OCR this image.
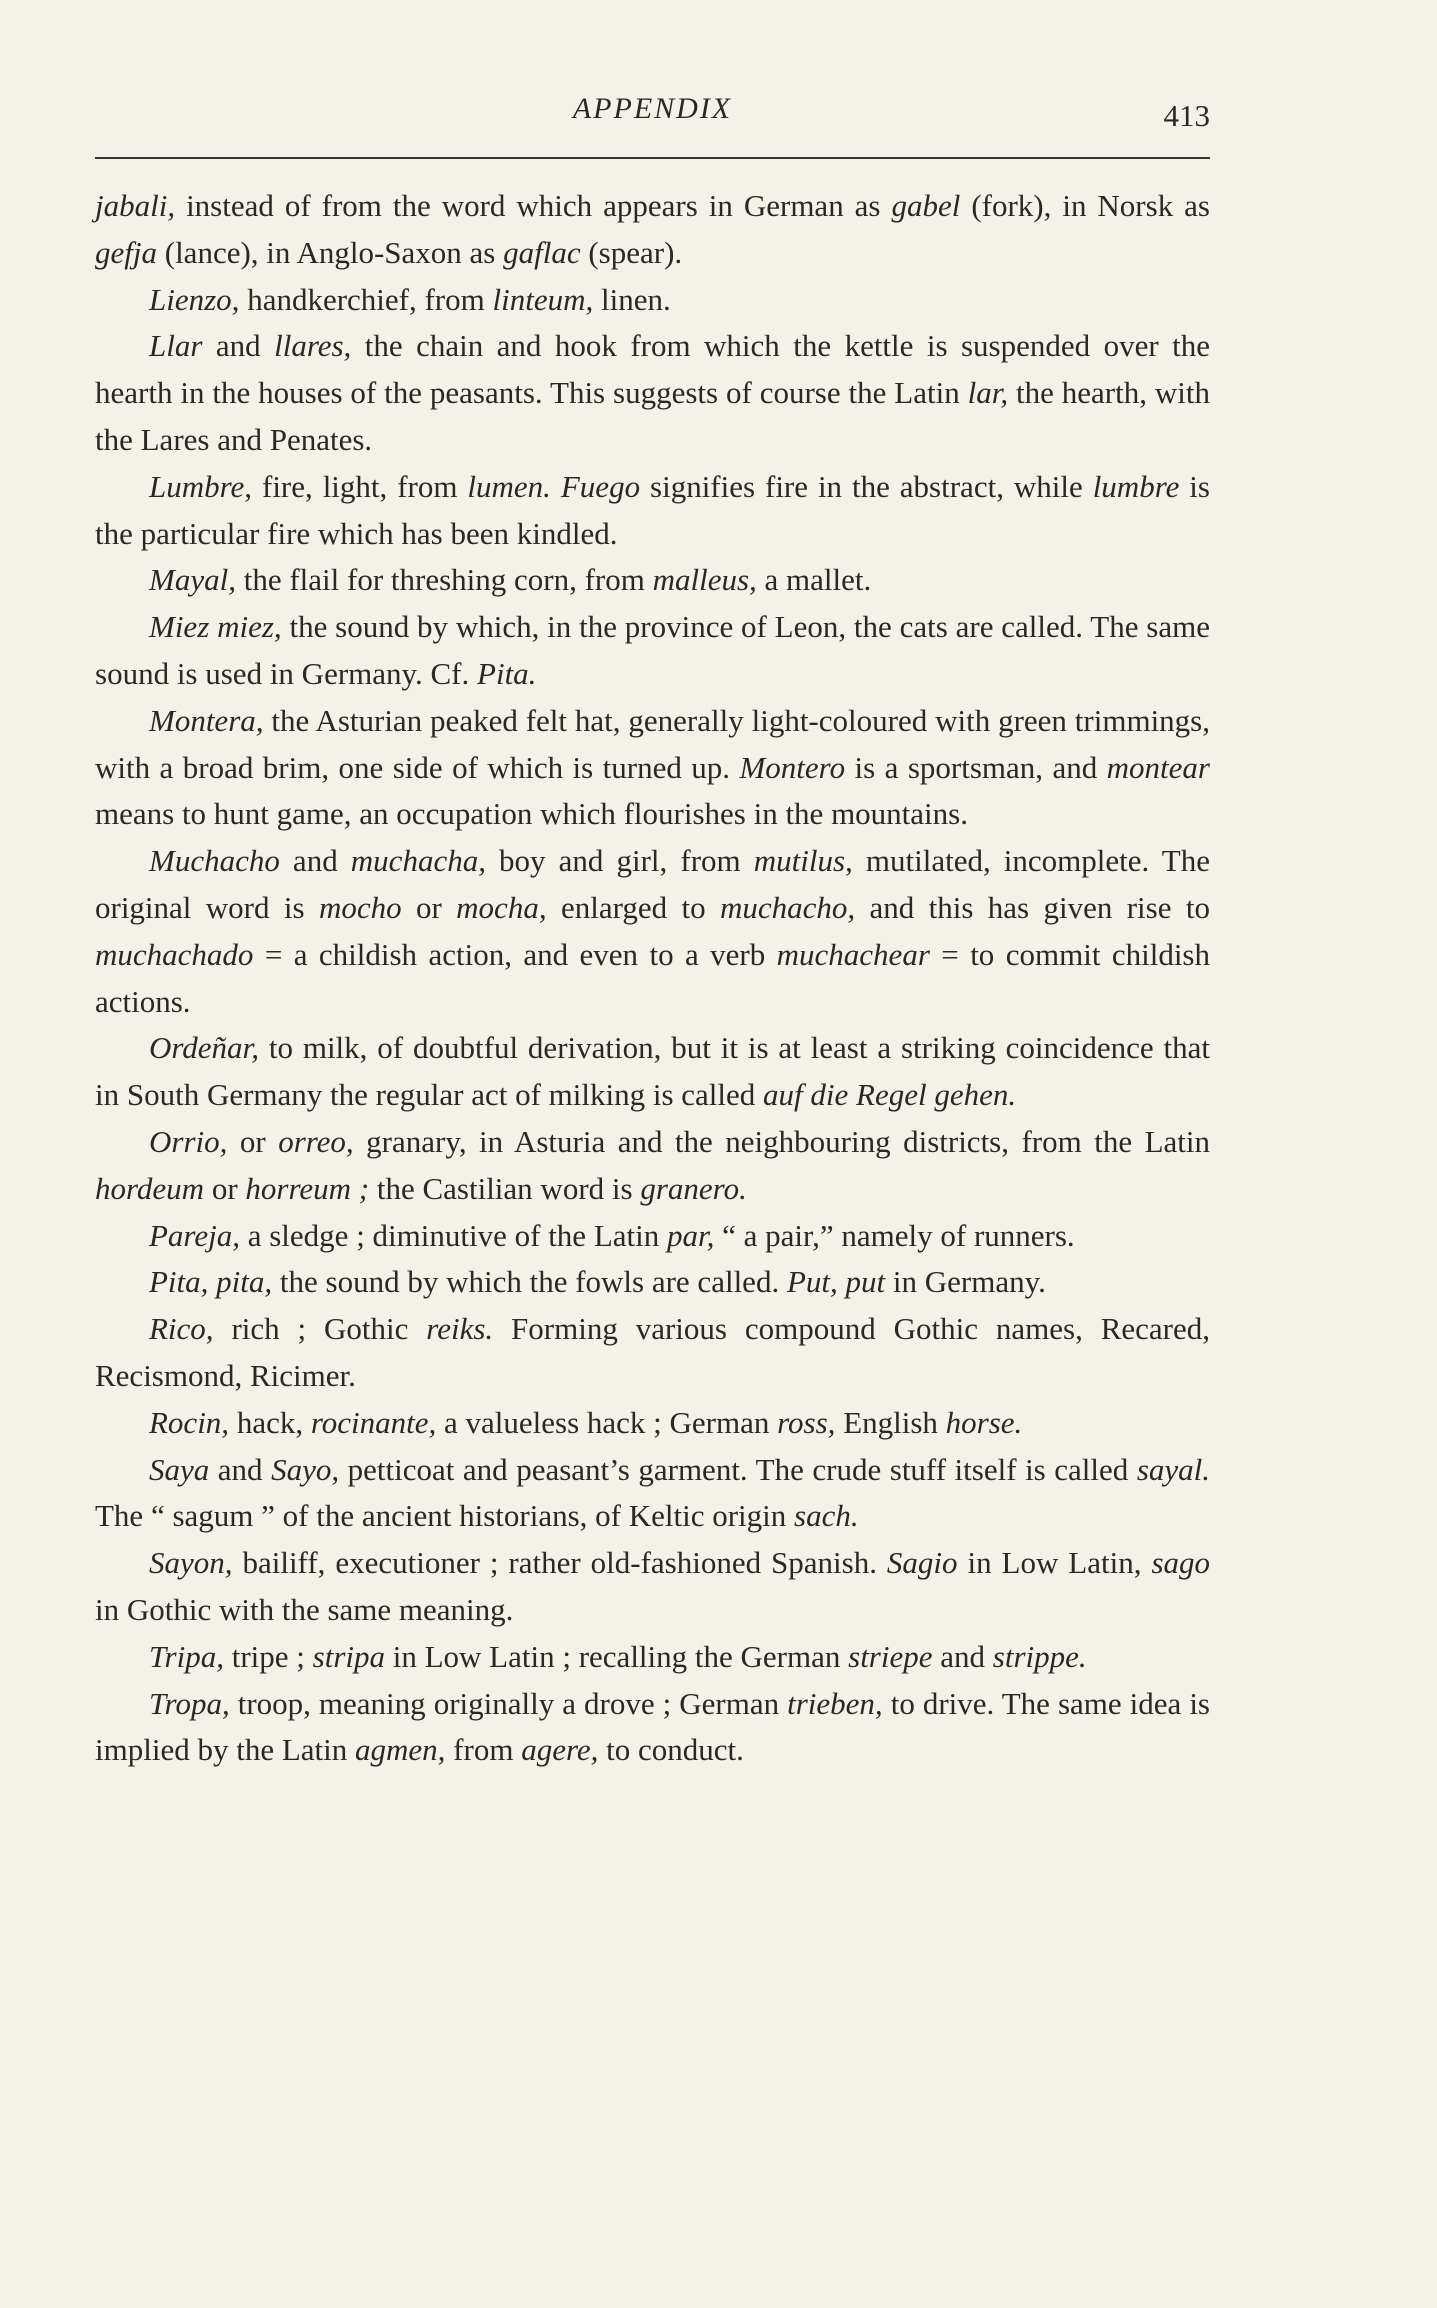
APPENDIX	413

jabali, instead of from the word which appears in German as gabel (fork), in Norsk as gefja (lance), in Anglo-Saxon as gaflac (spear).

Lienzo, handkerchief, from linteum, linen.

Llar and llares, the chain and hook from which the kettle is suspended over the hearth in the houses of the peasants. This suggests of course the Latin lar, the hearth, with the Lares and Penates.

Lumbre, fire, light, from lumen. Fuego signifies fire in the abstract, while lumbre is the particular fire which has been kindled.

Mayal, the flail for threshing corn, from malleus, a mallet.

Miez miez, the sound by which, in the province of Leon, the cats are called. The same sound is used in Germany. Cf. Pita.

Montera, the Asturian peaked felt hat, generally light-coloured with green trimmings, with a broad brim, one side of which is turned up. Montero is a sportsman, and montear means to hunt game, an occupation which flourishes in the mountains.

Muchacho and muchacha, boy and girl, from mutilus, mutilated, incomplete. The original word is mocho or mocha, enlarged to muchacho, and this has given rise to muchachado = a childish action, and even to a verb muchachear = to commit childish actions.

Ordeñar, to milk, of doubtful derivation, but it is at least a striking coincidence that in South Germany the regular act of milking is called auf die Regel gehen.

Orrio, or orreo, granary, in Asturia and the neighbouring districts, from the Latin hordeum or horreum ; the Castilian word is granero.

Pareja, a sledge ; diminutive of the Latin par, “ a pair,” namely of runners.

Pita, pita, the sound by which the fowls are called. Put, put in Germany.

Rico, rich ; Gothic reiks. Forming various compound Gothic names, Recared, Recismond, Ricimer.

Rocin, hack, rocinante, a valueless hack ; German ross, English horse.

Saya and Sayo, petticoat and peasant’s garment. The crude stuff itself is called sayal. The “ sagum ” of the ancient historians, of Keltic origin sach.

Sayon, bailiff, executioner ; rather old-fashioned Spanish. Sagio in Low Latin, sago in Gothic with the same meaning.

Tripa, tripe ; stripa in Low Latin ; recalling the German striepe and strippe.

Tropa, troop, meaning originally a drove ; German trieben, to drive. The same idea is implied by the Latin agmen, from agere, to conduct.
